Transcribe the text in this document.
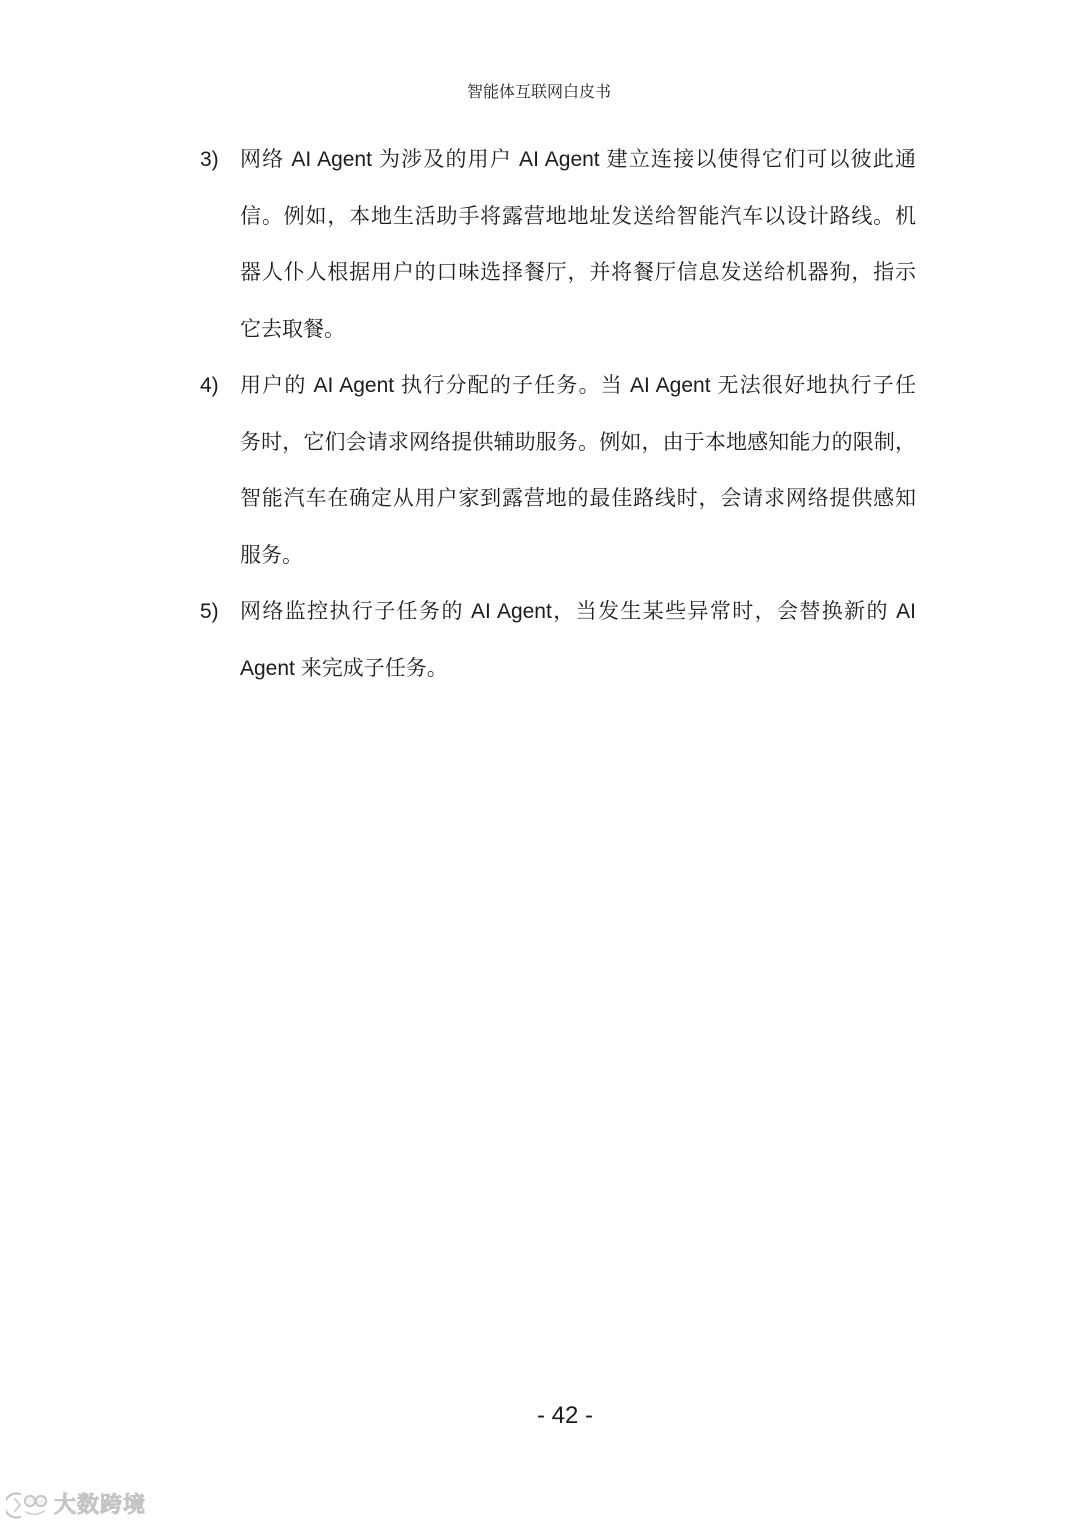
智能体互联网白皮书
3) 网络 AI Agent 为涉及的用户 AI Agent 建立连接以使得它们可以彼此通
信。例如，本地生活助手将露营地地址发送给智能汽车以设计路线。机
器人仆人根据用户的口味选择餐厅，并将餐厅信息发送给机器狗，指示
它去取餐。
4) 用户的 AI Agent 执行分配的子任务。当 AI Agent 无法很好地执行子任
务时，它们会请求网络提供辅助服务。例如，由于本地感知能力的限制，
智能汽车在确定从用户家到露营地的最佳路线时，会请求网络提供感知
服务。
5) 网络监控执行子任务的 AI Agent，当发生某些异常时，会替换新的 AI
Agent 来完成子任务。
- 42 -
大数跨境
